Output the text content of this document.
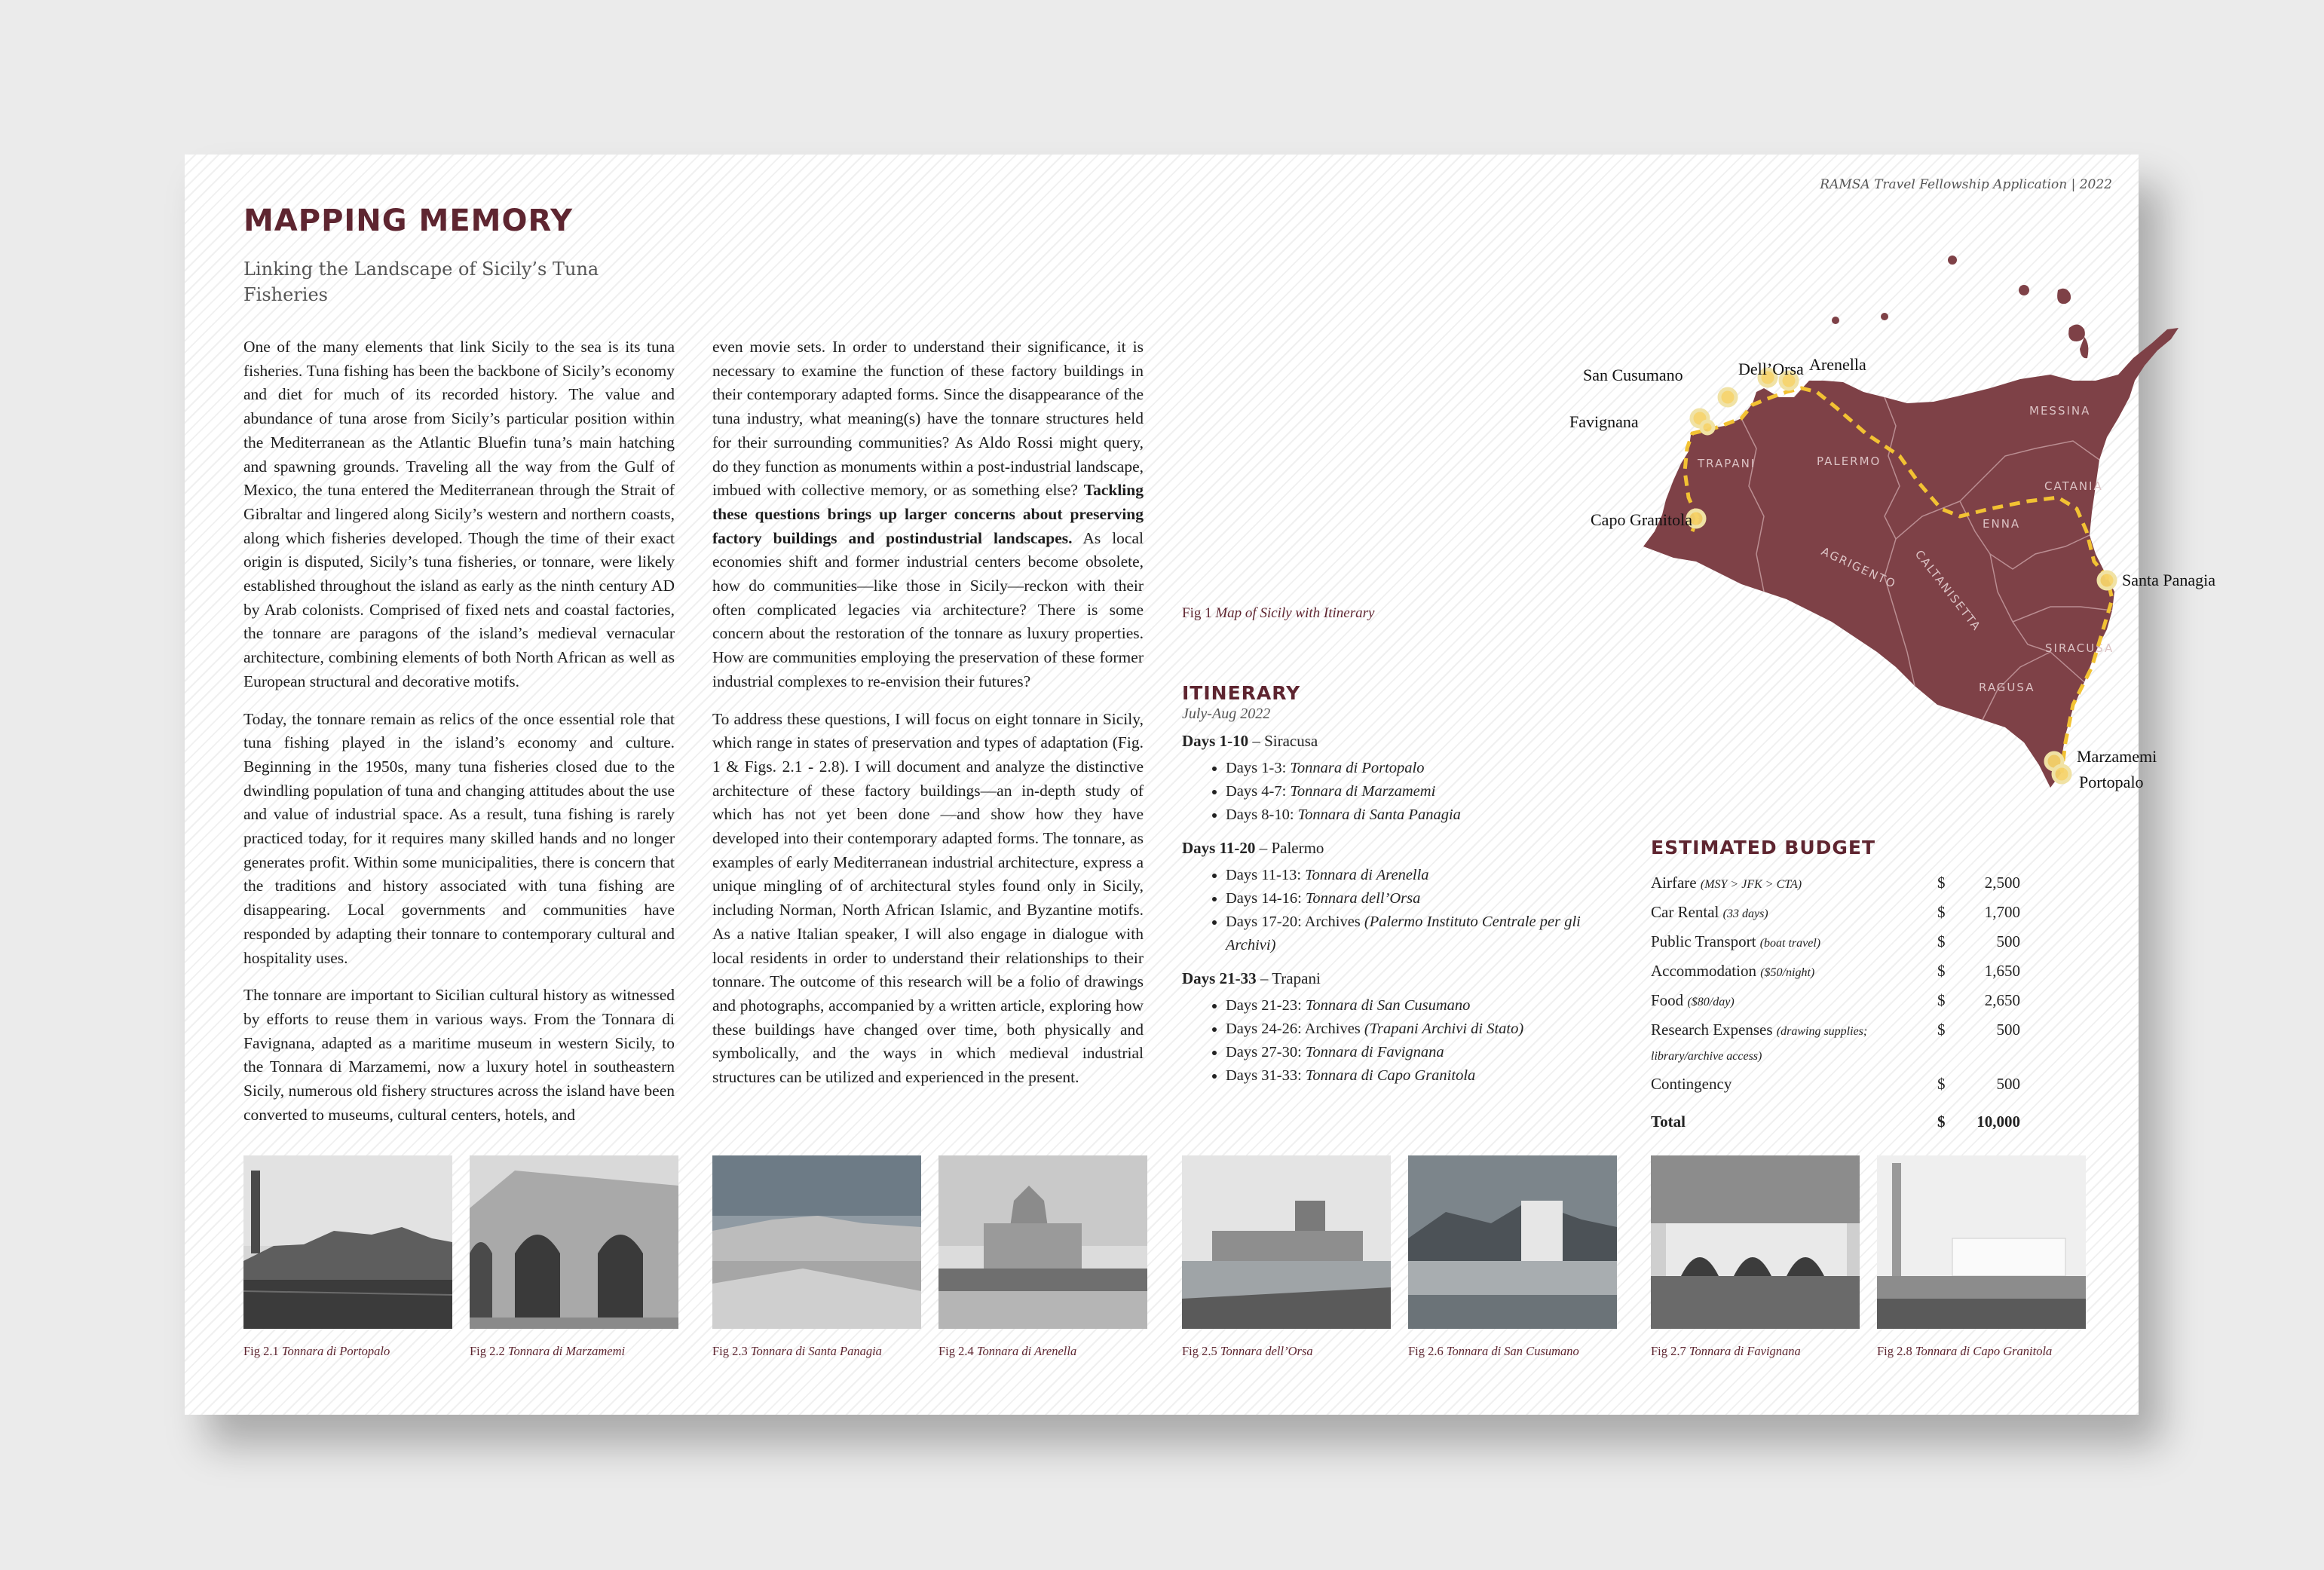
RAMSA Travel Fellowship Application | 2022
MAPPING MEMORY

Linking the Landscape of Sicily’s Tuna Fisheries

One of the many elements that link Sicily to the sea is its tuna fisheries. Tuna fishing has been the backbone of Sicily’s economy and diet for much of its recorded history. The value and abundance of tuna arose from Sicily’s particular position within the Mediterranean as the Atlantic Bluefin tuna’s main hatching and spawning grounds. Traveling all the way from the Gulf of Mexico, the tuna entered the Mediterranean through the Strait of Gibraltar and lingered along Sicily’s western and northern coasts, along which fisheries developed. Though the time of their exact origin is disputed, Sicily’s tuna fisheries, or tonnare, were likely established throughout the island as early as the ninth century AD by Arab colonists. Comprised of fixed nets and coastal factories, the tonnare are paragons of the island’s medieval vernacular architecture, combining elements of both North African as well as European structural and decorative motifs.

Today, the tonnare remain as relics of the once essential role that tuna fishing played in the island’s economy and culture. Beginning in the 1950s, many tuna fisheries closed due to the dwindling population of tuna and changing attitudes about the use and value of industrial space. As a result, tuna fishing is rarely practiced today, for it requires many skilled hands and no longer generates profit. Within some municipalities, there is concern that the traditions and history associated with tuna fishing are disappearing. Local governments and communities have responded by adapting their tonnare to contemporary cultural and hospitality uses.

The tonnare are important to Sicilian cultural history as witnessed by efforts to reuse them in various ways. From the Tonnara di Favignana, adapted as a maritime museum in western Sicily, to the Tonnara di Marzamemi, now a luxury hotel in southeastern Sicily, numerous old fishery structures across the island have been converted to museums, cultural centers, hotels, and

even movie sets. In order to understand their significance, it is necessary to examine the function of these factory buildings in their contemporary adapted forms. Since the disappearance of the tuna industry, what meaning(s) have the tonnare structures held for their surrounding communities? As Aldo Rossi might query, do they function as monuments within a post-industrial landscape, imbued with collective memory, or as something else? Tackling these questions brings up larger concerns about preserving factory buildings and postindustrial landscapes. As local economies shift and former industrial centers become obsolete, how do communities—like those in Sicily—reckon with their often complicated legacies via architecture? There is some concern about the restoration of the tonnare as luxury properties. How are communities employing the preservation of these former industrial complexes to re-envision their futures?

To address these questions, I will focus on eight tonnare in Sicily, which range in states of preservation and types of adaptation (Fig. 1 & Figs. 2.1 - 2.8). I will document and analyze the distinctive architecture of these factory buildings—an in-depth study of which has not yet been done —and show how they have developed into their contemporary adapted forms. The tonnare, as examples of early Mediterranean industrial architecture, express a unique mingling of of architectural styles found only in Sicily, including Norman, North African Islamic, and Byzantine motifs. As a native Italian speaker, I will also engage in dialogue with local residents in order to understand their relationships to their tonnare. The outcome of this research will be a folio of drawings and photographs, accompanied by a written article, exploring how these buildings have changed over time, both physically and symbolically, and the ways in which medieval industrial structures can be utilized and experienced in the present.

TRAPANI	PALERMO
MESSINA
CATANIA
ENNA
AGRIGENTO CALTANISETTA
SIRACUSA
RAGUSA
Dell’Orsa Arenella
San Cusumano
Favignana
Capo Granitola
Santa Panagia
Marzamemi
Portopalo
Fig 1 Map of Sicily with Itinerary
ITINERARY
July-Aug 2022
Days 1-10 – Siracusa
• Days 1-3: Tonnara di Portopalo
• Days 4-7: Tonnara di Marzamemi
• Days 8-10: Tonnara di Santa Panagia
Days 11-20 – Palermo
• Days 11-13: Tonnara di Arenella
• Days 14-16: Tonnara dell’Orsa
• Days 17-20: Archives (Palermo Instituto Centrale per gli Archivi)
Days 21-33 – Trapani
• Days 21-23: Tonnara di San Cusumano
• Days 24-26: Archives (Trapani Archivi di Stato)
• Days 27-30: Tonnara di Favignana
• Days 31-33: Tonnara di Capo Granitola
ESTIMATED BUDGET
Airfare (MSY > JFK > CTA)	$	2,500
Car Rental (33 days)	$	1,700
Public Transport (boat travel)	$	500
Accommodation ($50/night)	$	1,650
Food ($80/day)	$	2,650
Research Expenses (drawing supplies; library/archive access)	$	500
Contingency	$	500
Total	$	10,000
Fig 2.1 Tonnara di Portopalo	Fig 2.2 Tonnara di Marzamemi	Fig 2.3 Tonnara di Santa Panagia	Fig 2.4 Tonnara di Arenella	Fig 2.5 Tonnara dell’Orsa	Fig 2.6 Tonnara di San Cusumano	Fig 2.7 Tonnara di Favignana	Fig 2.8 Tonnara di Capo Granitola
